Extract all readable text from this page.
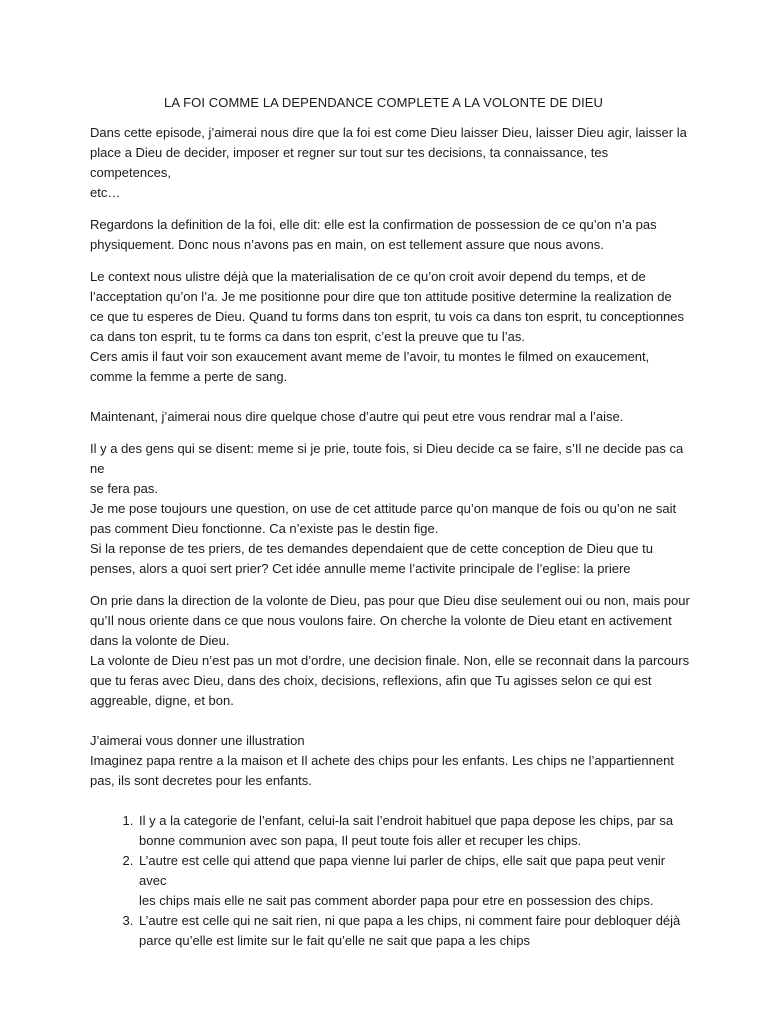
LA FOI COMME LA DEPENDANCE COMPLETE A LA VOLONTE DE DIEU

Dans cette episode, j’aimerai nous dire que la foi est come Dieu laisser Dieu, laisser Dieu agir, laisser la
place a Dieu de decider, imposer et regner sur tout sur tes decisions, ta connaissance, tes competences,
etc…

Regardons la definition de la foi, elle dit: elle est la confirmation de possession de ce qu’on n’a pas
physiquement. Donc nous n’avons pas en main, on est tellement assure que nous avons.

Le context nous ulistre déjà que la materialisation de ce qu’on croit avoir depend du temps, et de
l’acceptation qu’on l’a. Je me positionne pour dire que ton attitude positive determine la realization de
ce que tu esperes de Dieu. Quand tu forms dans ton esprit, tu vois ca dans ton esprit, tu conceptionnes
ca dans ton esprit, tu te forms ca dans ton esprit, c’est la preuve que tu l’as.
Cers amis il faut voir son exaucement avant meme de l’avoir, tu montes le filmed on exaucement,
comme la femme a perte de sang.

Maintenant, j’aimerai nous dire quelque chose d’autre qui peut etre vous rendrar mal a l’aise.

Il y a des gens qui se disent: meme si je prie, toute fois, si Dieu decide ca se faire, s’Il ne decide pas ca ne
se fera pas.
Je me pose toujours une question, on use de cet attitude parce qu’on manque de fois ou qu’on ne sait
pas comment Dieu fonctionne. Ca n’existe pas le destin fige.
Si la reponse de tes priers, de tes demandes dependaient que de cette conception de Dieu que tu
penses, alors a quoi sert prier? Cet idée annulle meme l’activite principale de l’eglise: la priere

On prie dans la direction de la volonte de Dieu, pas pour que Dieu dise seulement oui ou non, mais pour
qu’Il nous oriente dans ce que nous voulons faire. On cherche la volonte de Dieu etant en activement
dans la volonte de Dieu.
La volonte de Dieu n’est pas un mot d’ordre, une decision finale. Non, elle se reconnait dans la parcours
que tu feras avec Dieu, dans des choix, decisions, reflexions, afin que Tu agisses selon ce qui est
aggreable, digne, et bon.

J’aimerai vous donner une illustration
Imaginez papa rentre a la maison et Il achete des chips pour les enfants. Les chips ne l’appartiennent
pas, ils sont decretes pour les enfants.

1. Il y a la categorie de l’enfant, celui-la sait l’endroit habituel que papa depose les chips, par sa
bonne communion avec son papa, Il peut toute fois aller et recuper les chips.
2. L’autre est celle qui attend que papa vienne lui parler de chips, elle sait que papa peut venir avec
les chips mais elle ne sait pas comment aborder papa pour etre en possession des chips.
3. L’autre est celle qui ne sait rien, ni que papa a les chips, ni comment faire pour debloquer déjà
parce qu’elle est limite sur le fait qu’elle ne sait que papa a les chips
